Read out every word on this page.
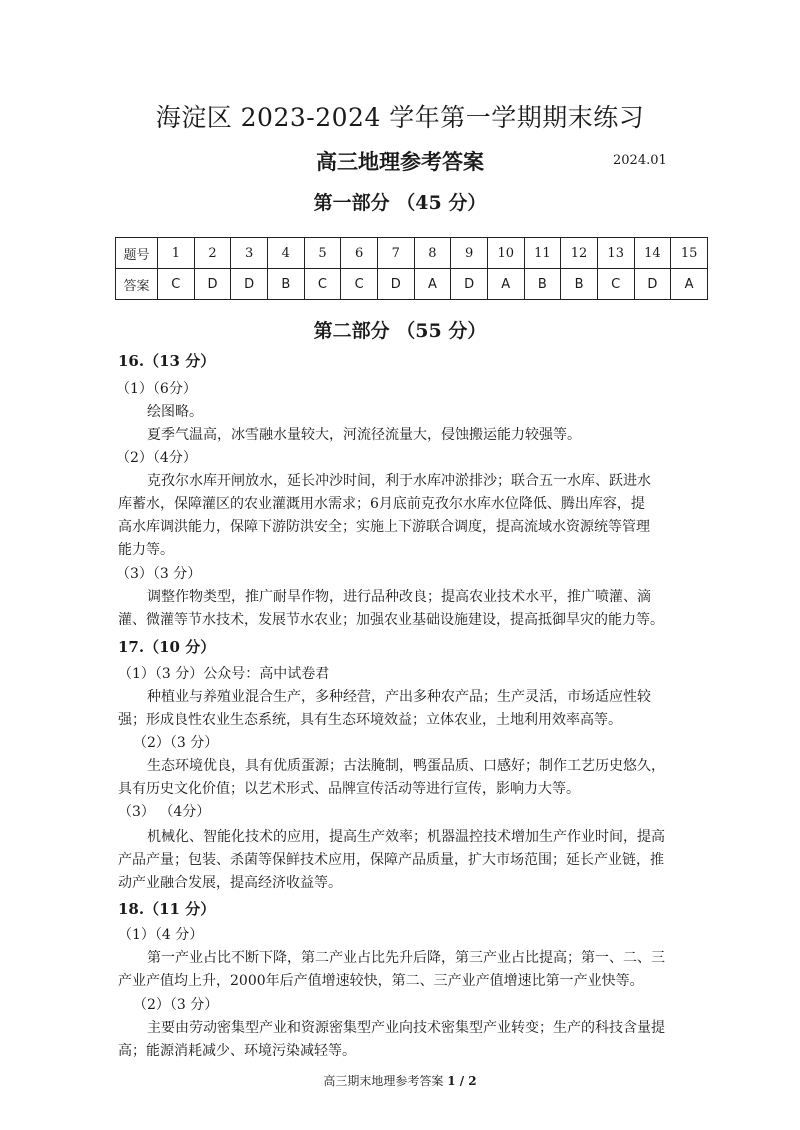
海淀区 2023-2024 学年第一学期期末练习
高三地理参考答案	2024.01
第一部分 （45 分）
题号	1	2	3	4	5	6	7	8	9	10	11	12	13	14	15
答案	C	D	D	B	C	C	D	A	D	A	B	B	C	D	A
第二部分 （55 分）
16.（13 分）
（1）（6分）
绘图略。
夏季气温高，冰雪融水量较大，河流径流量大，侵蚀搬运能力较强等。
（2）（4分）
克孜尔水库开闸放水，延长冲沙时间，利于水库冲淤排沙；联合五一水库、跃进水
库蓄水，保障灌区的农业灌溉用水需求；6月底前克孜尔水库水位降低、腾出库容，提
高水库调洪能力，保障下游防洪安全；实施上下游联合调度，提高流域水资源统等管理
能力等。
（3）（3 分）
调整作物类型，推广耐旱作物，进行品种改良；提高农业技术水平，推广喷灌、滴
灌、微灌等节水技术，发展节水农业；加强农业基础设施建设，提高抵御旱灾的能力等。
17.（10 分）
（1）（3 分）公众号：高中试卷君
种植业与养殖业混合生产，多种经营，产出多种农产品；生产灵活，市场适应性较
强；形成良性农业生态系统，具有生态环境效益；立体农业，土地利用效率高等。
（2）（3 分）
生态环境优良，具有优质蛋源；古法腌制，鸭蛋品质、口感好；制作工艺历史悠久，
具有历史文化价值；以艺术形式、品牌宣传活动等进行宣传，影响力大等。
（3） （4分）
机械化、智能化技术的应用，提高生产效率；机器温控技术增加生产作业时间，提高
产品产量；包装、杀菌等保鲜技术应用，保障产品质量，扩大市场范围；延长产业链，推
动产业融合发展，提高经济收益等。
18.（11 分）
（1）（4 分）
第一产业占比不断下降，第二产业占比先升后降，第三产业占比提高；第一、二、三
产业产值均上升，2000年后产值增速较快，第二、三产业产值增速比第一产业快等。
（2）（3 分）
主要由劳动密集型产业和资源密集型产业向技术密集型产业转变；生产的科技含量提
高；能源消耗减少、环境污染减轻等。
高三期末地理参考答案 1 / 2
